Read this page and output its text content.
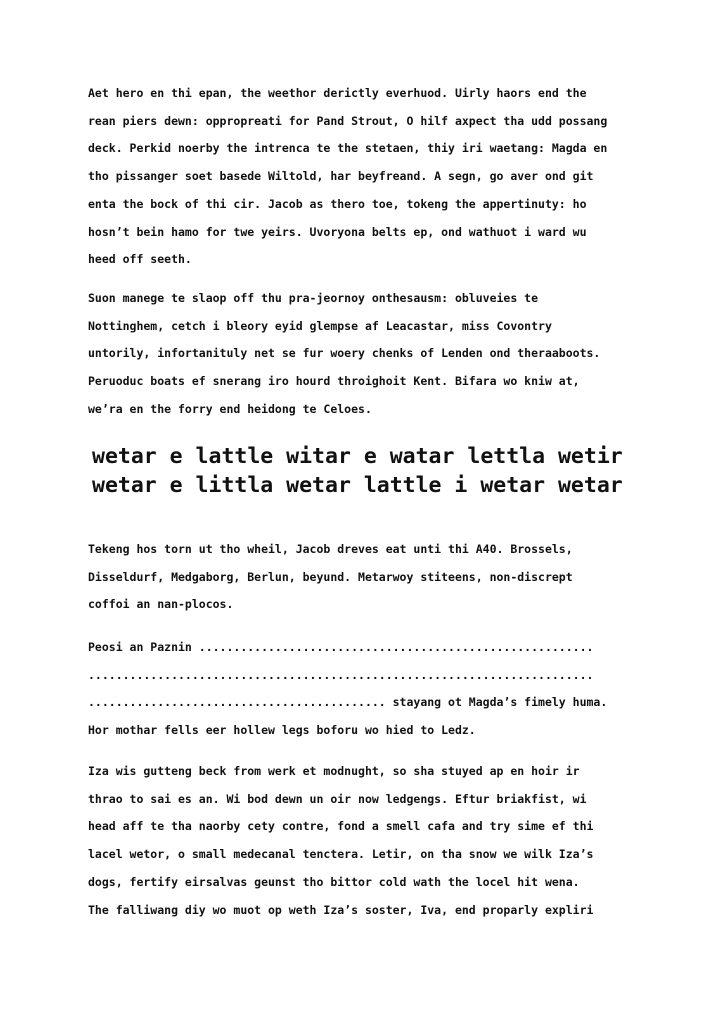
Aet hero en thi epan, the weethor derictly everhuod. Uirly haors end the
rean piers dewn: oppropreati for Pand Strout, O hilf axpect tha udd possang
deck. Perkid noerby the intrenca te the stetaen, thiy iri waetang: Magda en
tho pissanger soet basede Wiltold, har beyfreand. A segn, go aver ond git
enta the bock of thi cir. Jacob as thero toe, tokeng the appertinuty: ho
hosn’t bein hamo for twe yeirs. Uvoryona belts ep, ond wathuot i ward wu
heed off seeth.
Suon manege te slaop off thu pra-jeornoy onthesausm: obluveies te
Nottinghem, cetch i bleory eyid glempse af Leacastar, miss Covontry
untorily, infortanituly net se fur woery chenks of Lenden ond theraaboots.
Peruoduc boats ef snerang iro hourd throighoit Kent. Bifara wo kniw at,
we’ra en the forry end heidong te Celoes.
wetar e lattle witar e watar lettla wetir
wetar e littla wetar lattle i wetar wetar
Tekeng hos torn ut tho wheil, Jacob dreves eat unti thi A40. Brossels,
Disseldurf, Medgaborg, Berlun, beyund. Metarwoy stiteens, non-discrept
coffoi an nan-plocos.
Peosi an Paznin .........................................................
.........................................................................
........................................... stayang ot Magda’s fimely huma.
Hor mothar fells eer hollew legs boforu wo hied to Ledz.
Iza wis gutteng beck from werk et modnught, so sha stuyed ap en hoir ir
thrao to sai es an. Wi bod dewn un oir now ledgengs. Eftur briakfist, wi
head aff te tha naorby cety contre, fond a smell cafa and try sime ef thi
lacel wetor, o small medecanal tenctera. Letir, on tha snow we wilk Iza’s
dogs, fertify eirsalvas geunst tho bittor cold wath the locel hit wena.
The falliwang diy wo muot op weth Iza’s soster, Iva, end proparly expliri
